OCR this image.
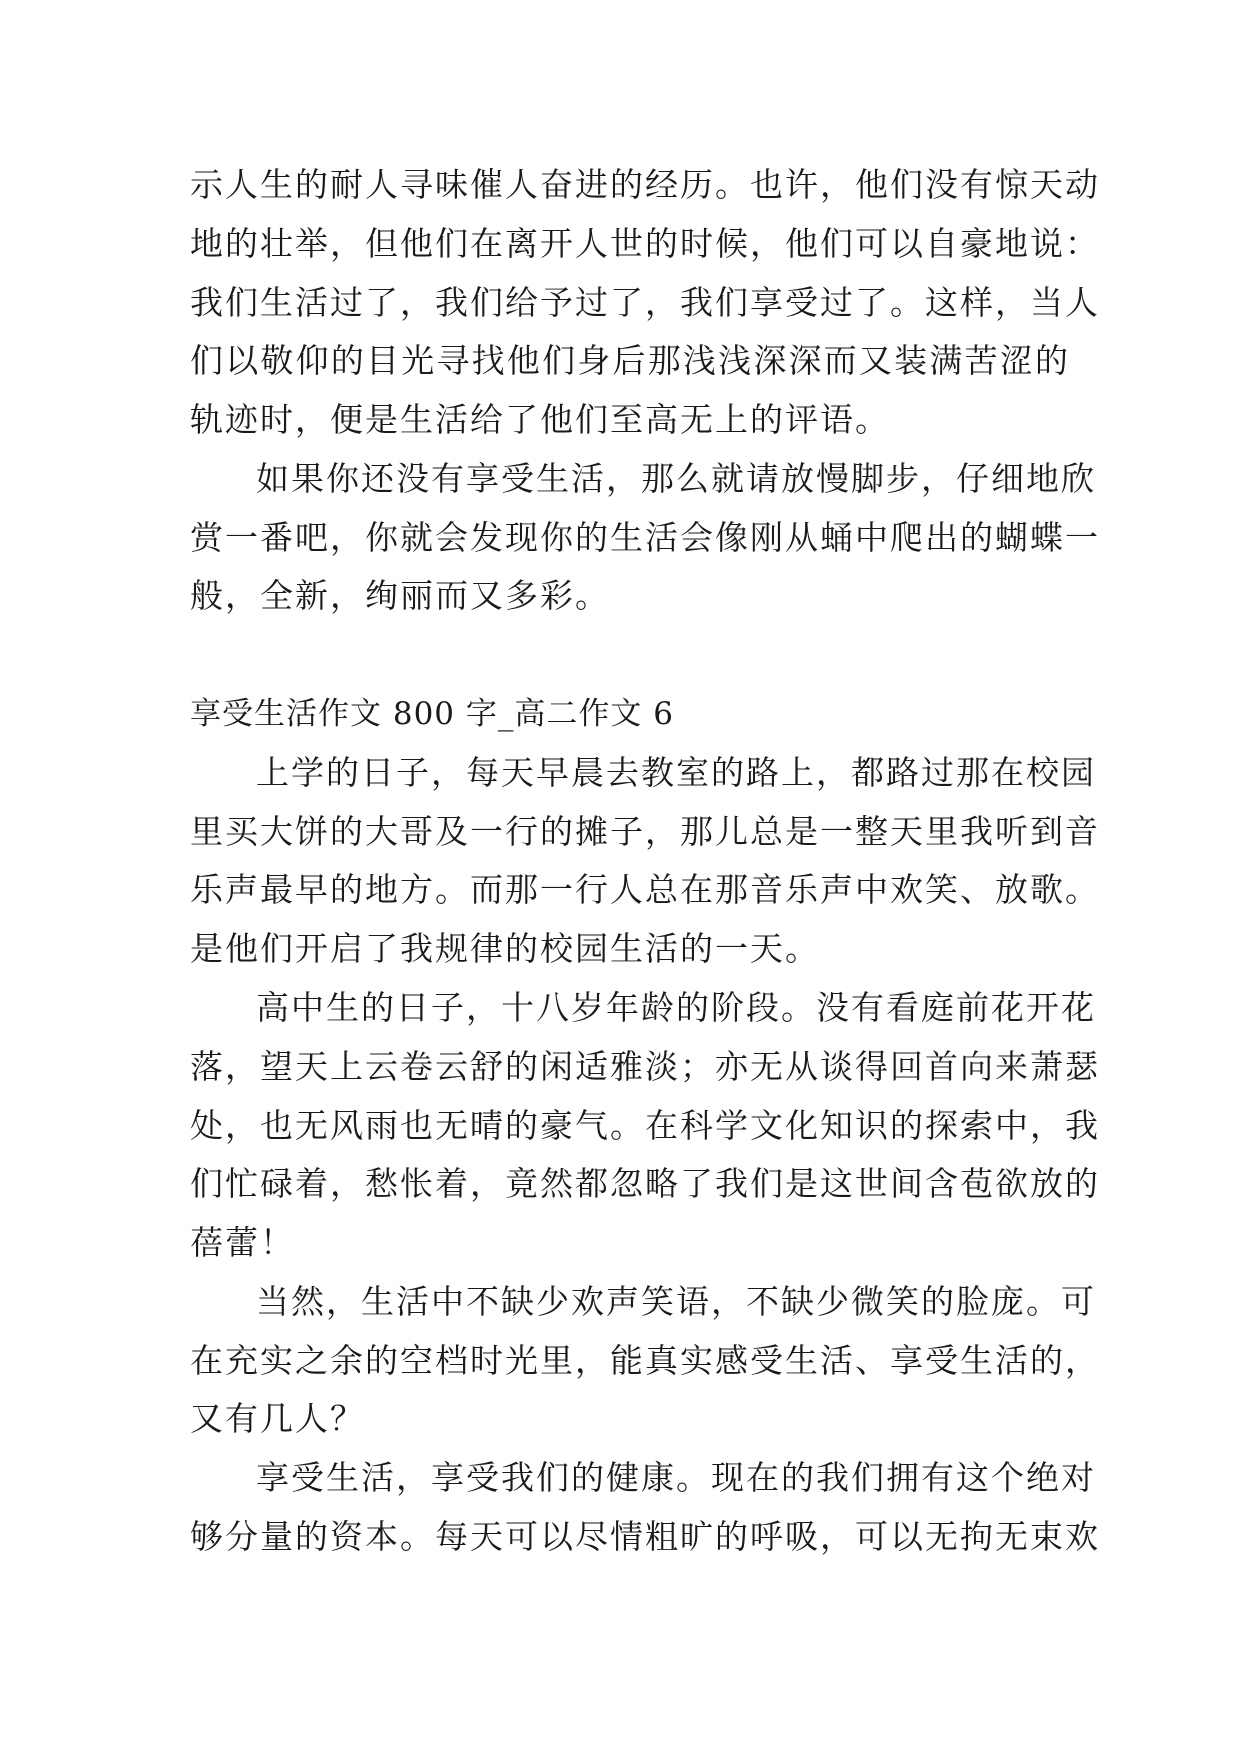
示人生的耐人寻味催人奋进的经历。也许，他们没有惊天动
地的壮举，但他们在离开人世的时候，他们可以自豪地说：
我们生活过了，我们给予过了，我们享受过了。这样，当人
们以敬仰的目光寻找他们身后那浅浅深深而又装满苦涩的
轨迹时，便是生活给了他们至高无上的评语。
如果你还没有享受生活，那么就请放慢脚步，仔细地欣
赏一番吧，你就会发现你的生活会像刚从蛹中爬出的蝴蝶一
般，全新，绚丽而又多彩。
享受生活作文 800 字_高二作文 6
上学的日子，每天早晨去教室的路上，都路过那在校园
里买大饼的大哥及一行的摊子，那儿总是一整天里我听到音
乐声最早的地方。而那一行人总在那音乐声中欢笑、放歌。
是他们开启了我规律的校园生活的一天。
高中生的日子，十八岁年龄的阶段。没有看庭前花开花
落，望天上云卷云舒的闲适雅淡；亦无从谈得回首向来萧瑟
处，也无风雨也无晴的豪气。在科学文化知识的探索中，我
们忙碌着，愁怅着，竟然都忽略了我们是这世间含苞欲放的
蓓蕾！
当然，生活中不缺少欢声笑语，不缺少微笑的脸庞。可
在充实之余的空档时光里，能真实感受生活、享受生活的，
又有几人？
享受生活，享受我们的健康。现在的我们拥有这个绝对
够分量的资本。每天可以尽情粗旷的呼吸，可以无拘无束欢
